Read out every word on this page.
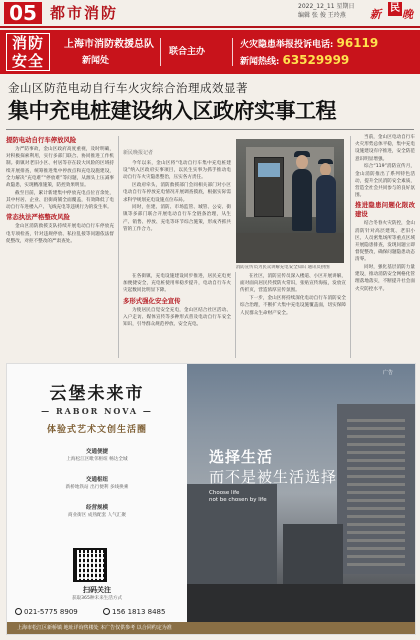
05 都市消防	2022_12_11 星期日
编辑 张 俊 王玲燕 新 民 晚
消防
安全
上海市消防救援总队
新闻处
联合主办
火灾隐患举报投诉电话: 96119
新闻热线: 63529999
金山区防范电动自行车火灾综合治理成效显著
集中充电桩建设纳入区政府实事工程
提防电动自行车停放风险

为严防事故，金山区政府高度重视，及时明确，对积极探索利用，实行多部门联合、协同推进工作机制。街镇对老旧小区、村居等存在较大风险的区域持续开展排查，统筹推进集中停放点和充电设施建设，全力解决“充电难”“停放难”等问题，从源头上压减事故隐患，实现精准施策，防控效果明显。

截至目前，累计新建集中停放充电点位百余处，其中村居、企业、沿街商铺全面覆盖，有效降低了电动自行车进楼入户、飞线充电等违规行为的发生率。

常态执法严格整改风险

金山区消防救援支队持续开展电动自行车停放充电专项检查，针对违规停放、私拉乱接等问题依法督促整改，对拒不整改的严肃查处。

新民晚报记者

今年以来，金山区将“电动自行车集中充电桩建设”纳入区政府实事项目，以民生实事为抓手推动电动自行车火灾隐患整治，压实各方责任。

区政府牵头，消防救援部门会同相关部门对小区电动自行车停放充电情况开展调查摸底，根据实际需求科学规划充电设施点位布局。

同时，住建、消防、市场监管、城管、公安、街镇等多部门联合开展电动自行车全链条治理，从生产、销售、停放、充电等环节综合施策，形成齐抓共管的工作合力。

消防宣传员为民众讲解充电安全知识 通讯员供图

在各街镇，充电设施建设同步推进，居民充电更加便捷安全，充电桩使用率稳步提升，电动自行车火灾起数同比明显下降。

多形式强化安全宣传

为使居民自觉安全充电，金山区结合社区活动、入户走访、媒体宣传等多种形式普及电动自行车安全知识，引导群众规范停放、安全充电。

在社区，消防宣传员深入楼道、小区开展讲解，面对面向居民传授防火常识，张贴宣传海报，发放宣传折页，营造浓厚宣传氛围。

下一步，金山区将持续深化电动自行车消防安全综合治理，不断扩大集中充电设施覆盖面，切实保障人民群众生命财产安全。

当前，金山区电动自行车火灾形势总体平稳，集中充电设施建设有序推进，安全防范意识明显增强。

综合“119”消防宣传月，金山消防推出了系列特色活动，提升全民消防安全素质，营造全社会共同参与的良好氛围。

推进隐患问题化限改建设

结合冬春火灾防控，金山消防针对高层建筑、老旧小区、人员密集场所等重点区域开展隐患排查，发现问题立即督促整改，确保问题隐患动态清零。

同时，强化基层消防力量建设，推动消防安全网格化管理落地落实，不断提升社会面火灾防控水平。

云堡未来市
— RABOR NOVA —
体验式艺术文创生活圈
交通便捷
上海松江区毗邻枢纽 畅达全城
交通枢纽
新桥地铁站 出行便利 多线换乘
经营规模
商业街区 成熟配套 人气汇聚
扫码关注
获取365种未来生活方式
021-5775 8909	156 1813 8485
广告
选择生活
而不是被生活选择
Choose life
not be chosen by life
上海市松江区新桥镇 地址详询售楼处 本广告仅供参考 以合同约定为准
